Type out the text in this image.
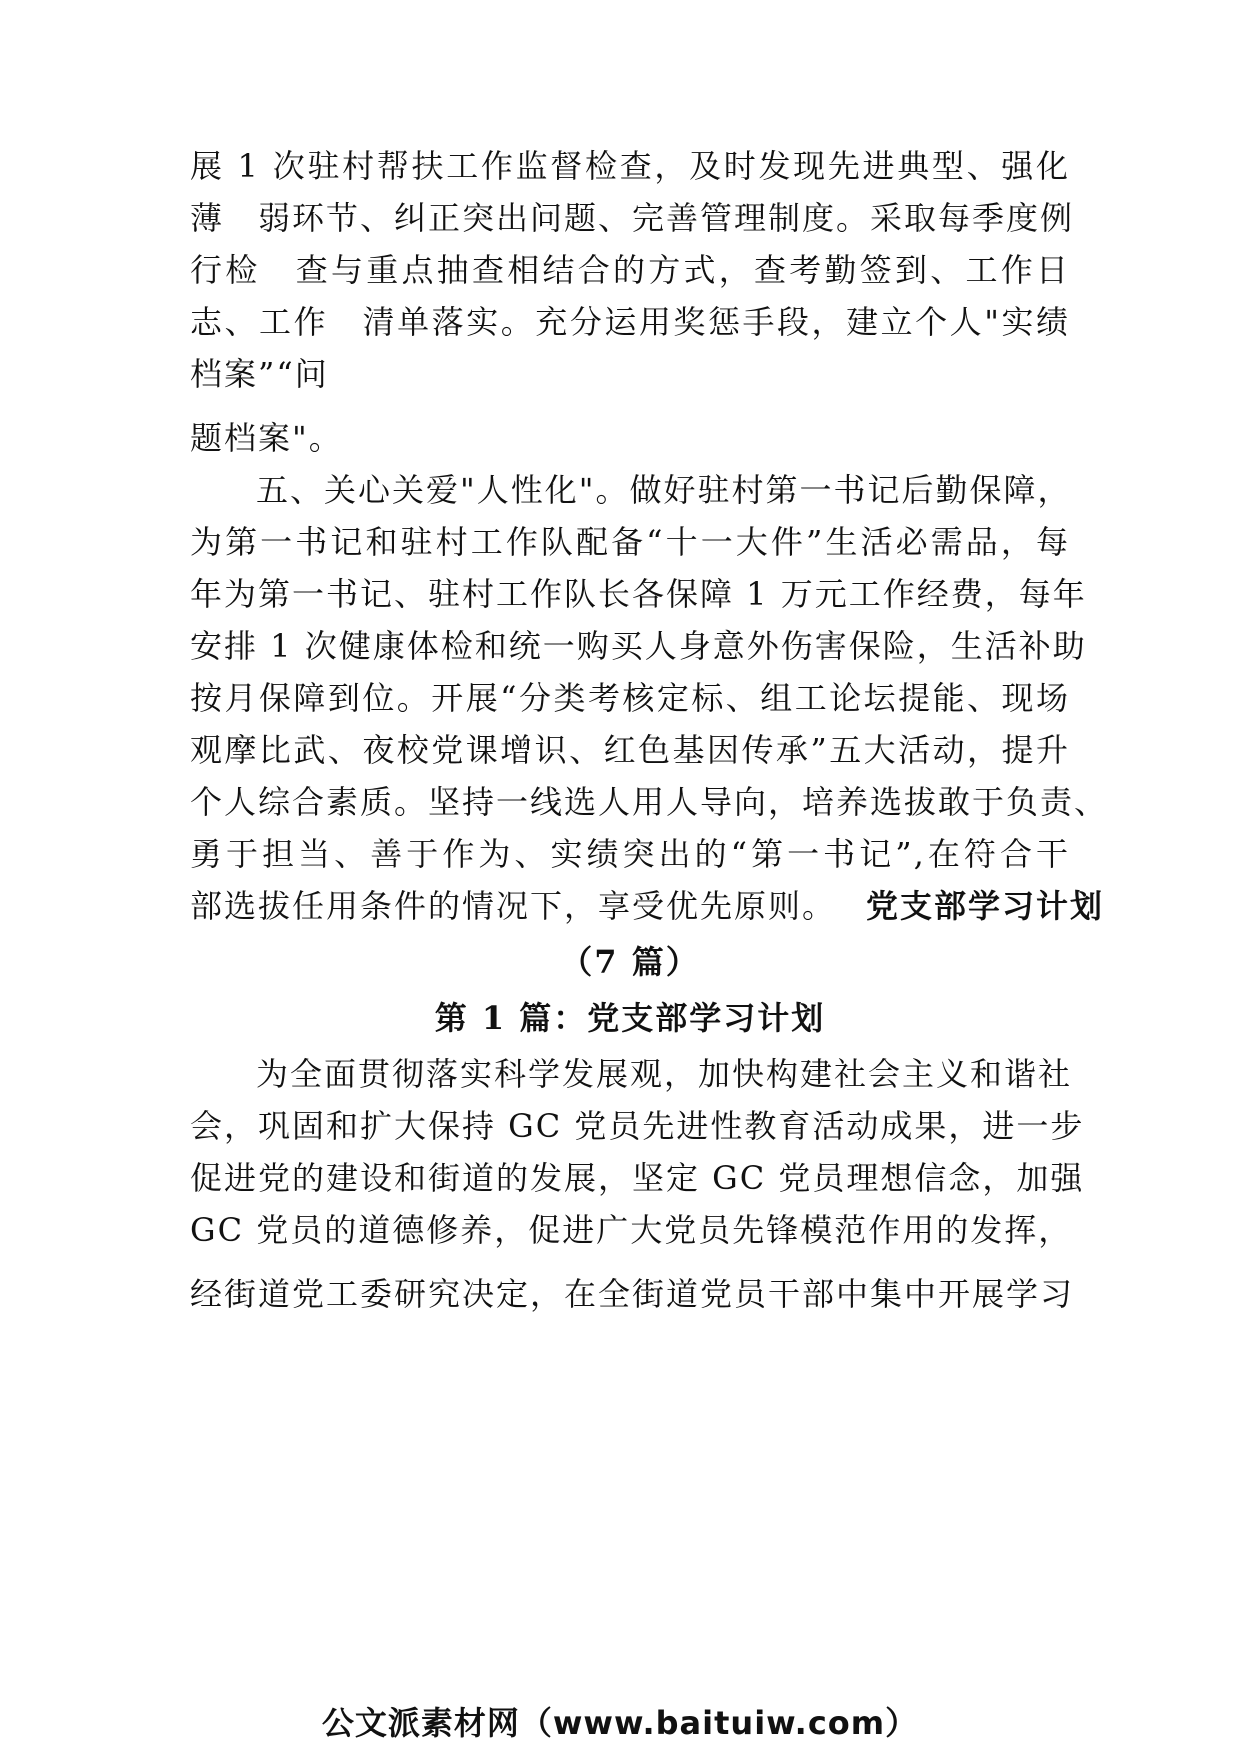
展 1 次驻村帮扶工作监督检查，及时发现先进典型、强化
薄　弱环节、纠正突出问题、完善管理制度。采取每季度例
行检　查与重点抽查相结合的方式，查考勤签到、工作日
志、工作　清单落实。充分运用奖惩手段，建立个人"实绩
档案”“问
题档案"。
五、关心关爱"人性化"。做好驻村第一书记后勤保障，
为第一书记和驻村工作队配备“十一大件”生活必需品，每
年为第一书记、驻村工作队长各保障 1 万元工作经费，每年
安排 1 次健康体检和统一购买人身意外伤害保险，生活补助
按月保障到位。开展“分类考核定标、组工论坛提能、现场
观摩比武、夜校党课增识、红色基因传承”五大活动，提升
个人综合素质。坚持一线选人用人导向，培养选拔敢于负责、
勇于担当、善于作为、实绩突出的“第一书记”,在符合干
部选拔任用条件的情况下，享受优先原则。 党支部学习计划
（7 篇）
第 1 篇：党支部学习计划
为全面贯彻落实科学发展观，加快构建社会主义和谐社
会，巩固和扩大保持 GC 党员先进性教育活动成果，进一步
促进党的建设和街道的发展，坚定 GC 党员理想信念，加强
GC 党员的道德修养，促进广大党员先锋模范作用的发挥，
经街道党工委研究决定，在全街道党员干部中集中开展学习
公文派素材网（www.baituiw.com）
